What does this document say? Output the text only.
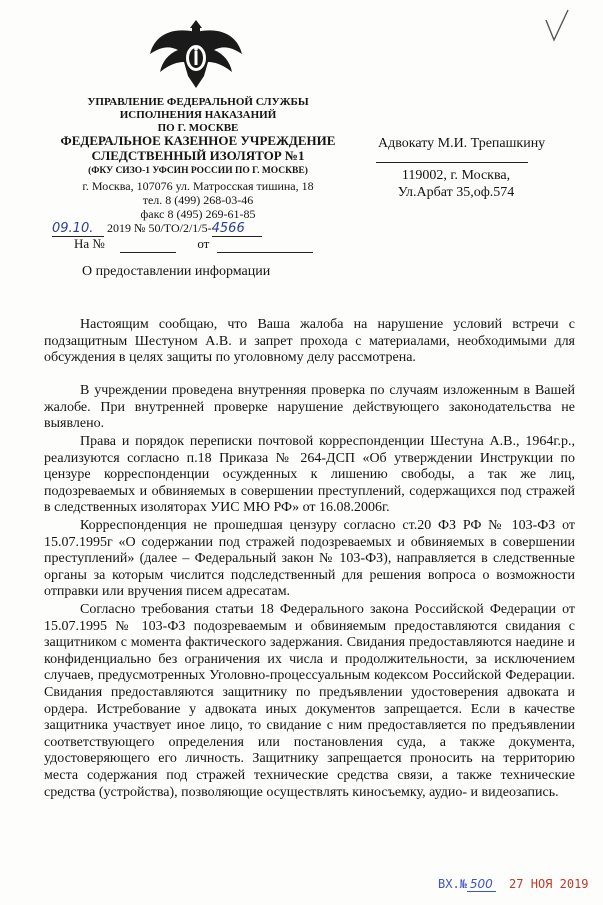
УПРАВЛЕНИЕ ФЕДЕРАЛЬНОЙ СЛУЖБЫ
ИСПОЛНЕНИЯ НАКАЗАНИЙ
ПО Г. МОСКВЕ
ФЕДЕРАЛЬНОЕ КАЗЕННОЕ УЧРЕЖДЕНИЕ
СЛЕДСТВЕННЫЙ ИЗОЛЯТОР №1
(ФКУ СИЗО-1 УФСИН РОССИИ ПО Г. МОСКВЕ)
г. Москва, 107076 ул. Матросская тишина, 18
тел. 8 (499) 268-03-46
факс 8 (495) 269-61-85
09.10. 2019 № 50/ТО/2/1/5-4566
На №	от
Адвокату М.И. Трепашкину
119002, г. Москва,
Ул.Арбат 35,оф.574
О предоставлении информации
Настоящим сообщаю, что Ваша жалоба на нарушение условий встречи с подзащитным Шестуном А.В. и запрет прохода с материалами, необходимыми для обсуждения в целях защиты по уголовному делу рассмотрена.
В учреждении проведена внутренняя проверка по случаям изложенным в Вашей жалобе. При внутренней проверке нарушение действующего законодательства не выявлено.
Права и порядок переписки почтовой корреспонденции Шестуна А.В., 1964г.р., реализуются согласно п.18 Приказа № 264-ДСП «Об утверждении Инструкции по цензуре корреспонденции осужденных к лишению свободы, а так же лиц, подозреваемых и обвиняемых в совершении преступлений, содержащихся под стражей в следственных изоляторах УИС МЮ РФ» от 16.08.2006г.
Корреспонденция не прошедшая цензуру согласно ст.20 ФЗ РФ № 103-ФЗ от 15.07.1995г «О содержании под стражей подозреваемых и обвиняемых в совершении преступлений» (далее – Федеральный закон № 103-ФЗ), направляется в следственные органы за которым числится подследственный для решения вопроса о возможности отправки или вручения писем адресатам.
Согласно требования статьи 18 Федерального закона Российской Федерации от 15.07.1995 № 103-ФЗ подозреваемым и обвиняемым предоставляются свидания с защитником с момента фактического задержания. Свидания предоставляются наедине и конфиденциально без ограничения их числа и продолжительности, за исключением случаев, предусмотренных Уголовно-процессуальным кодексом Российской Федерации. Свидания предоставляются защитнику по предъявлении удостоверения адвоката и ордера. Истребование у адвоката иных документов запрещается. Если в качестве защитника участвует иное лицо, то свидание с ним предоставляется по предъявлении соответствующего определения или постановления суда, а также документа, удостоверяющего его личность. Защитнику запрещается проносить на территорию места содержания под стражей технические средства связи, а также технические средства (устройства), позволяющие осуществлять киносъемку, аудио- и видеозапись.
ВХ.№ 500 27 НОЯ 2019
